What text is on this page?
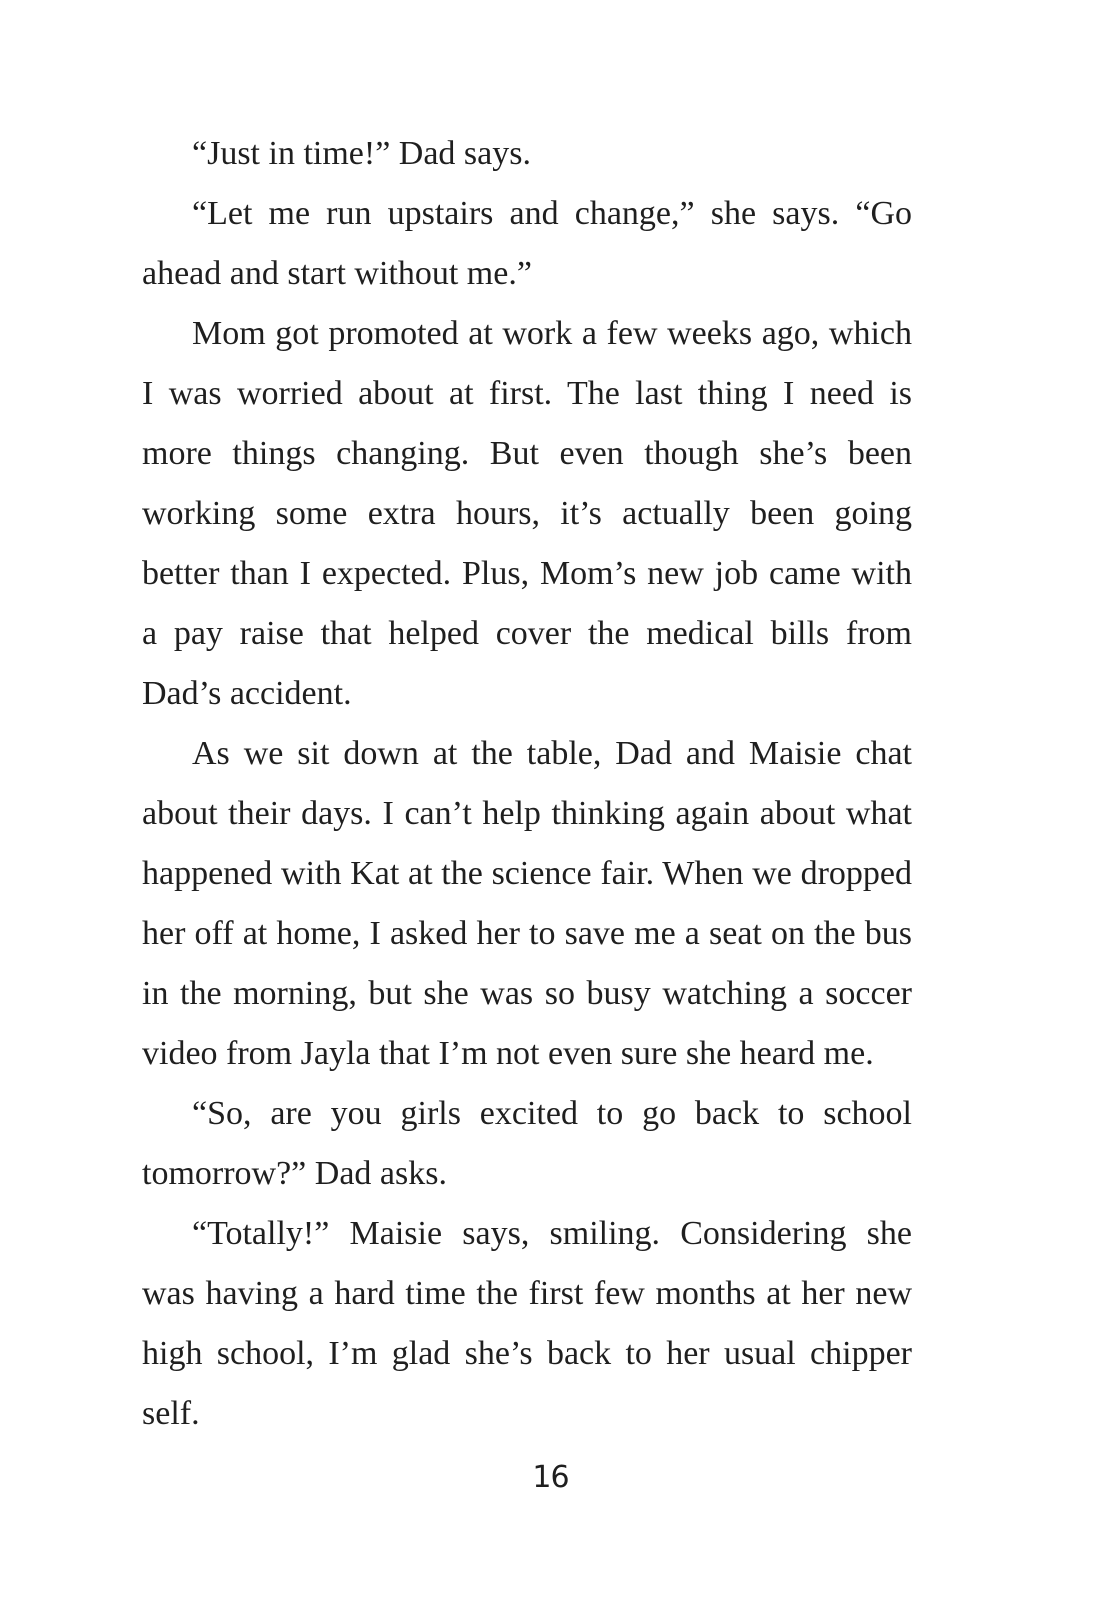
“Just in time!” Dad says.

“Let me run upstairs and change,” she says. “Go ahead and start without me.”

Mom got promoted at work a few weeks ago, which I was worried about at first. The last thing I need is more things changing. But even though she’s been working some extra hours, it’s actually been going better than I expected. Plus, Mom’s new job came with a pay raise that helped cover the medical bills from Dad’s accident.

As we sit down at the table, Dad and Maisie chat about their days. I can’t help thinking again about what happened with Kat at the science fair. When we dropped her off at home, I asked her to save me a seat on the bus in the morning, but she was so busy watching a soccer video from Jayla that I’m not even sure she heard me.

“So, are you girls excited to go back to school tomorrow?” Dad asks.

“Totally!” Maisie says, smiling. Considering she was having a hard time the first few months at her new high school, I’m glad she’s back to her usual chipper self.

16
